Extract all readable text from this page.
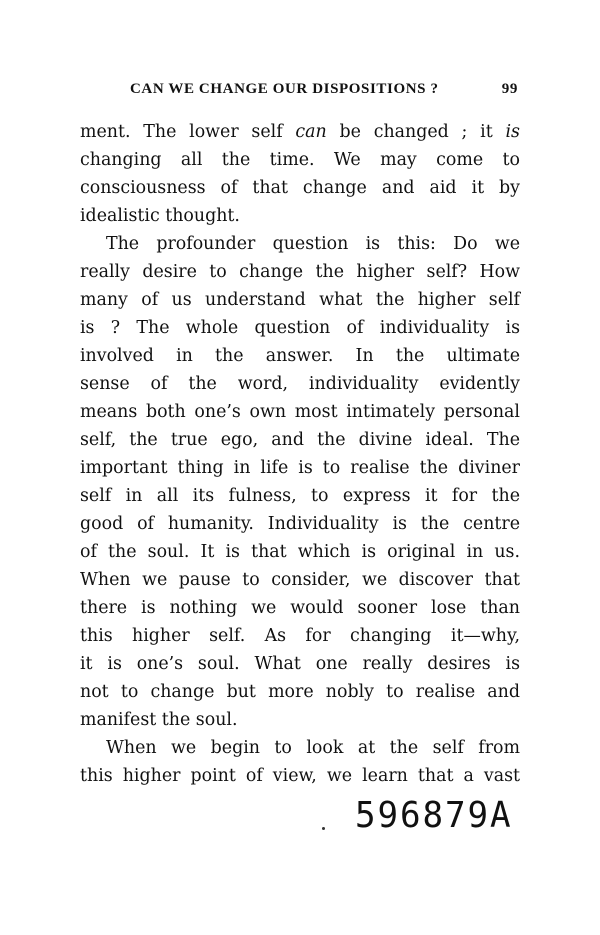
CAN WE CHANGE OUR DISPOSITIONS ?	99
ment. The lower self can be changed ; it is
changing all the time. We may come to
consciousness of that change and aid it by
idealistic thought.
The profounder question is this: Do we
really desire to change the higher self? How
many of us understand what the higher self
is ? The whole question of individuality is
involved in the answer. In the ultimate
sense of the word, individuality evidently
means both one’s own most intimately personal
self, the true ego, and the divine ideal. The
important thing in life is to realise the diviner
self in all its fulness, to express it for the
good of humanity. Individuality is the centre
of the soul. It is that which is original in us.
When we pause to consider, we discover that
there is nothing we would sooner lose than
this higher self. As for changing it—why,
it is one’s soul. What one really desires is
not to change but more nobly to realise and
manifest the soul.
When we begin to look at the self from
this higher point of view, we learn that a vast
596879A
